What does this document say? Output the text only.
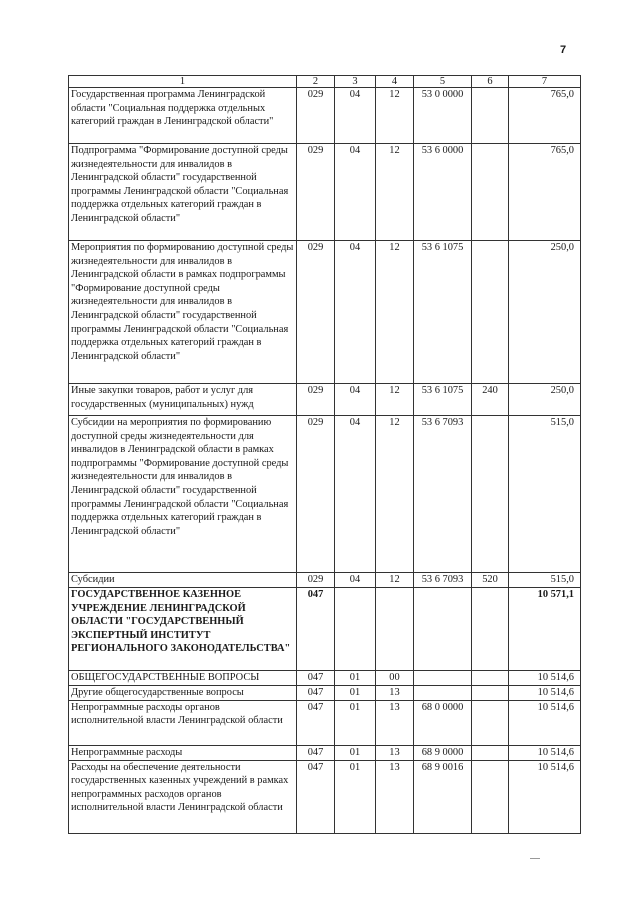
7
1	2	3	4	5	6	7
Государственная программа Ленинградской области "Социальная поддержка отдельных категорий граждан в Ленинградской области"	029	04	12	53 0 0000		765,0
Подпрограмма "Формирование доступной среды жизнедеятельности для инвалидов в Ленинградской области" государственной программы Ленинградской области "Социальная поддержка отдельных категорий граждан в Ленинградской области"	029	04	12	53 6 0000		765,0
Мероприятия по формированию доступной среды жизнедеятельности для инвалидов в Ленинградской области в рамках подпрограммы "Формирование доступной среды жизнедеятельности для инвалидов в Ленинградской области" государственной программы Ленинградской области "Социальная поддержка отдельных категорий граждан в Ленинградской области"	029	04	12	53 6 1075		250,0
Иные закупки товаров, работ и услуг для государственных (муниципальных) нужд	029	04	12	53 6 1075	240	250,0
Субсидии на мероприятия по формированию доступной среды жизнедеятельности для инвалидов в Ленинградской области в рамках подпрограммы "Формирование доступной среды жизнедеятельности для инвалидов в Ленинградской области" государственной программы Ленинградской области "Социальная поддержка отдельных категорий граждан в Ленинградской области"	029	04	12	53 6 7093		515,0
Субсидии	029	04	12	53 6 7093	520	515,0
ГОСУДАРСТВЕННОЕ КАЗЕННОЕ УЧРЕЖДЕНИЕ ЛЕНИНГРАДСКОЙ ОБЛАСТИ "ГОСУДАРСТВЕННЫЙ ЭКСПЕРТНЫЙ ИНСТИТУТ РЕГИОНАЛЬНОГО ЗАКОНОДАТЕЛЬСТВА"	047					10 571,1
ОБЩЕГОСУДАРСТВЕННЫЕ ВОПРОСЫ	047	01	00			10 514,6
Другие общегосударственные вопросы	047	01	13			10 514,6
Непрограммные расходы органов исполнительной власти Ленинградской области	047	01	13	68 0 0000		10 514,6
Непрограммные расходы	047	01	13	68 9 0000		10 514,6
Расходы на обеспечение деятельности государственных казенных учреждений в рамках непрограммных расходов органов исполнительной власти Ленинградской области	047	01	13	68 9 0016		10 514,6
